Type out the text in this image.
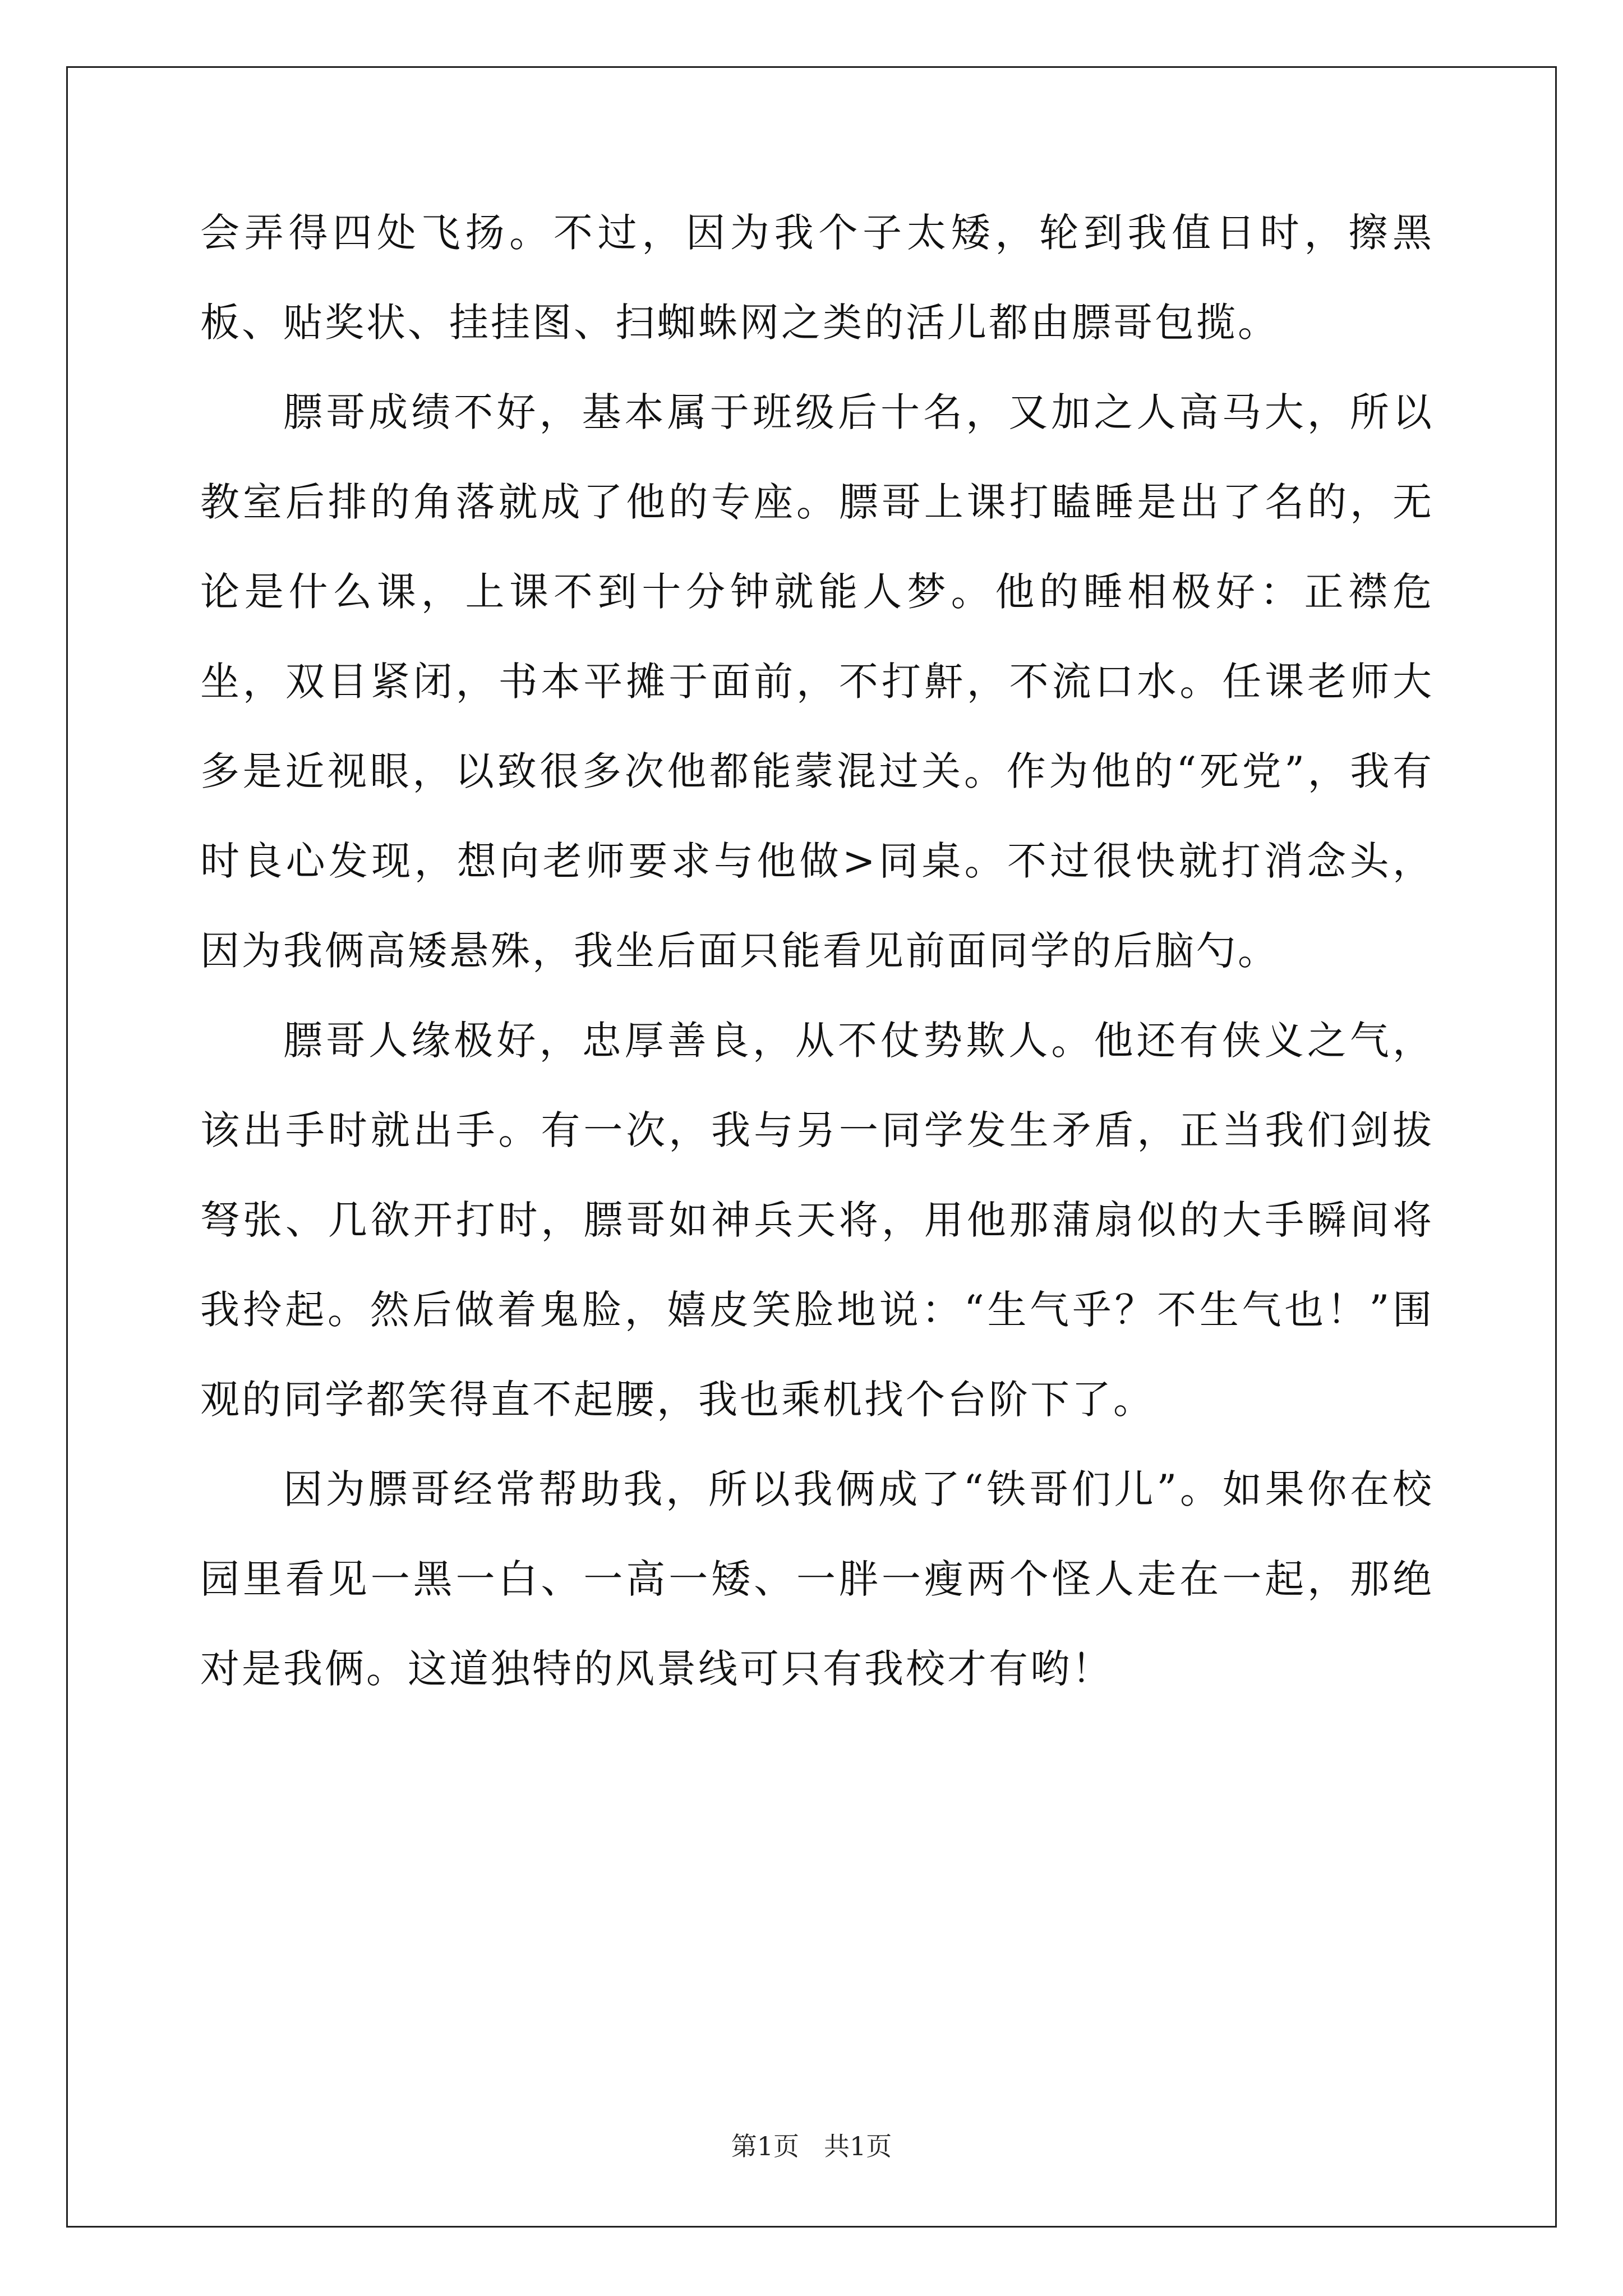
会弄得四处飞扬。不过，因为我个子太矮，轮到我值日时，擦黑板、贴奖状、挂挂图、扫蜘蛛网之类的活儿都由膘哥包揽。

膘哥成绩不好，基本属于班级后十名，又加之人高马大，所以教室后排的角落就成了他的专座。膘哥上课打瞌睡是出了名的，无论是什么课，上课不到十分钟就能人梦。他的睡相极好：正襟危坐，双目紧闭，书本平摊于面前，不打鼾，不流口水。任课老师大多是近视眼，以致很多次他都能蒙混过关。作为他的“死党”，我有时良心发现，想向老师要求与他做>同桌。不过很快就打消念头，因为我俩高矮悬殊，我坐后面只能看见前面同学的后脑勺。

膘哥人缘极好，忠厚善良，从不仗势欺人。他还有侠义之气，该出手时就出手。有一次，我与另一同学发生矛盾，正当我们剑拔弩张、几欲开打时，膘哥如神兵天将，用他那蒲扇似的大手瞬间将我拎起。然后做着鬼脸，嬉皮笑脸地说：“生气乎？不生气也！”围观的同学都笑得直不起腰，我也乘机找个台阶下了。

因为膘哥经常帮助我，所以我俩成了“铁哥们儿”。如果你在校园里看见一黑一白、一高一矮、一胖一瘦两个怪人走在一起，那绝对是我俩。这道独特的风景线可只有我校才有哟！

第1页 共1页
